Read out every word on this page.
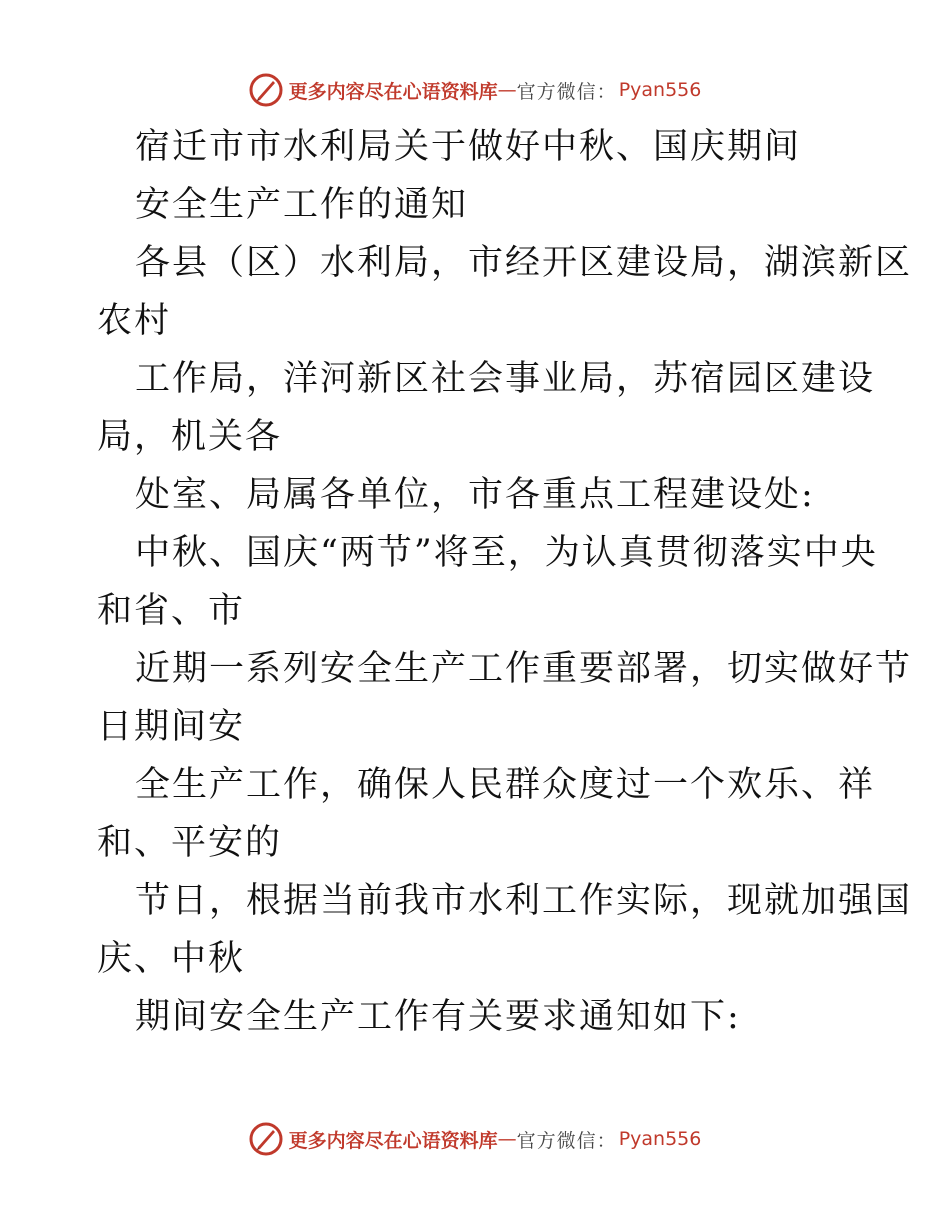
更多内容尽在心语资料库 — 官方微信： Pyan556
宿迁市市水利局关于做好中秋、国庆期间
安全生产工作的通知
各县（区）水利局，市经开区建设局，湖滨新区
农村
工作局，洋河新区社会事业局，苏宿园区建设
局，机关各
处室、局属各单位，市各重点工程建设处:
中秋、国庆“两节”将至，为认真贯彻落实中央
和省、市
近期一系列安全生产工作重要部署，切实做好节
日期间安
全生产工作，确保人民群众度过一个欢乐、祥
和、平安的
节日，根据当前我市水利工作实际，现就加强国
庆、中秋
期间安全生产工作有关要求通知如下:
更多内容尽在心语资料库 — 官方微信： Pyan556
